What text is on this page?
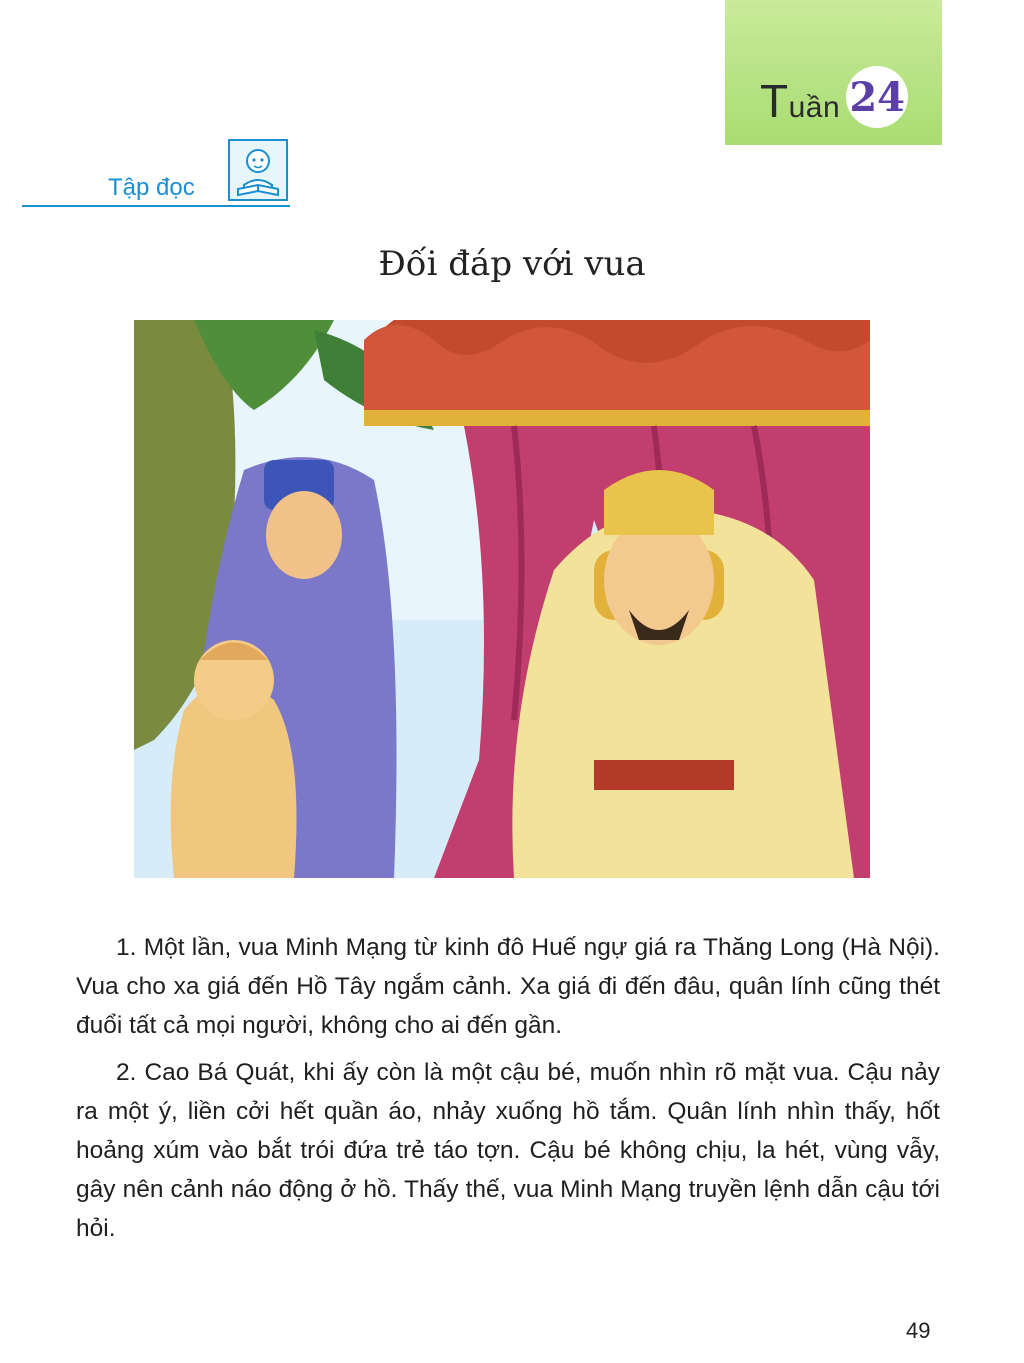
Tuần 24
Tập đọc
Đối đáp với vua

1. Một lần, vua Minh Mạng từ kinh đô Huế ngự giá ra Thăng Long (Hà Nội). Vua cho xa giá đến Hồ Tây ngắm cảnh. Xa giá đi đến đâu, quân lính cũng thét đuổi tất cả mọi người, không cho ai đến gần.

2. Cao Bá Quát, khi ấy còn là một cậu bé, muốn nhìn rõ mặt vua. Cậu nảy ra một ý, liền cởi hết quần áo, nhảy xuống hồ tắm. Quân lính nhìn thấy, hốt hoảng xúm vào bắt trói đứa trẻ táo tợn. Cậu bé không chịu, la hét, vùng vẫy, gây nên cảnh náo động ở hồ. Thấy thế, vua Minh Mạng truyền lệnh dẫn cậu tới hỏi.

49
